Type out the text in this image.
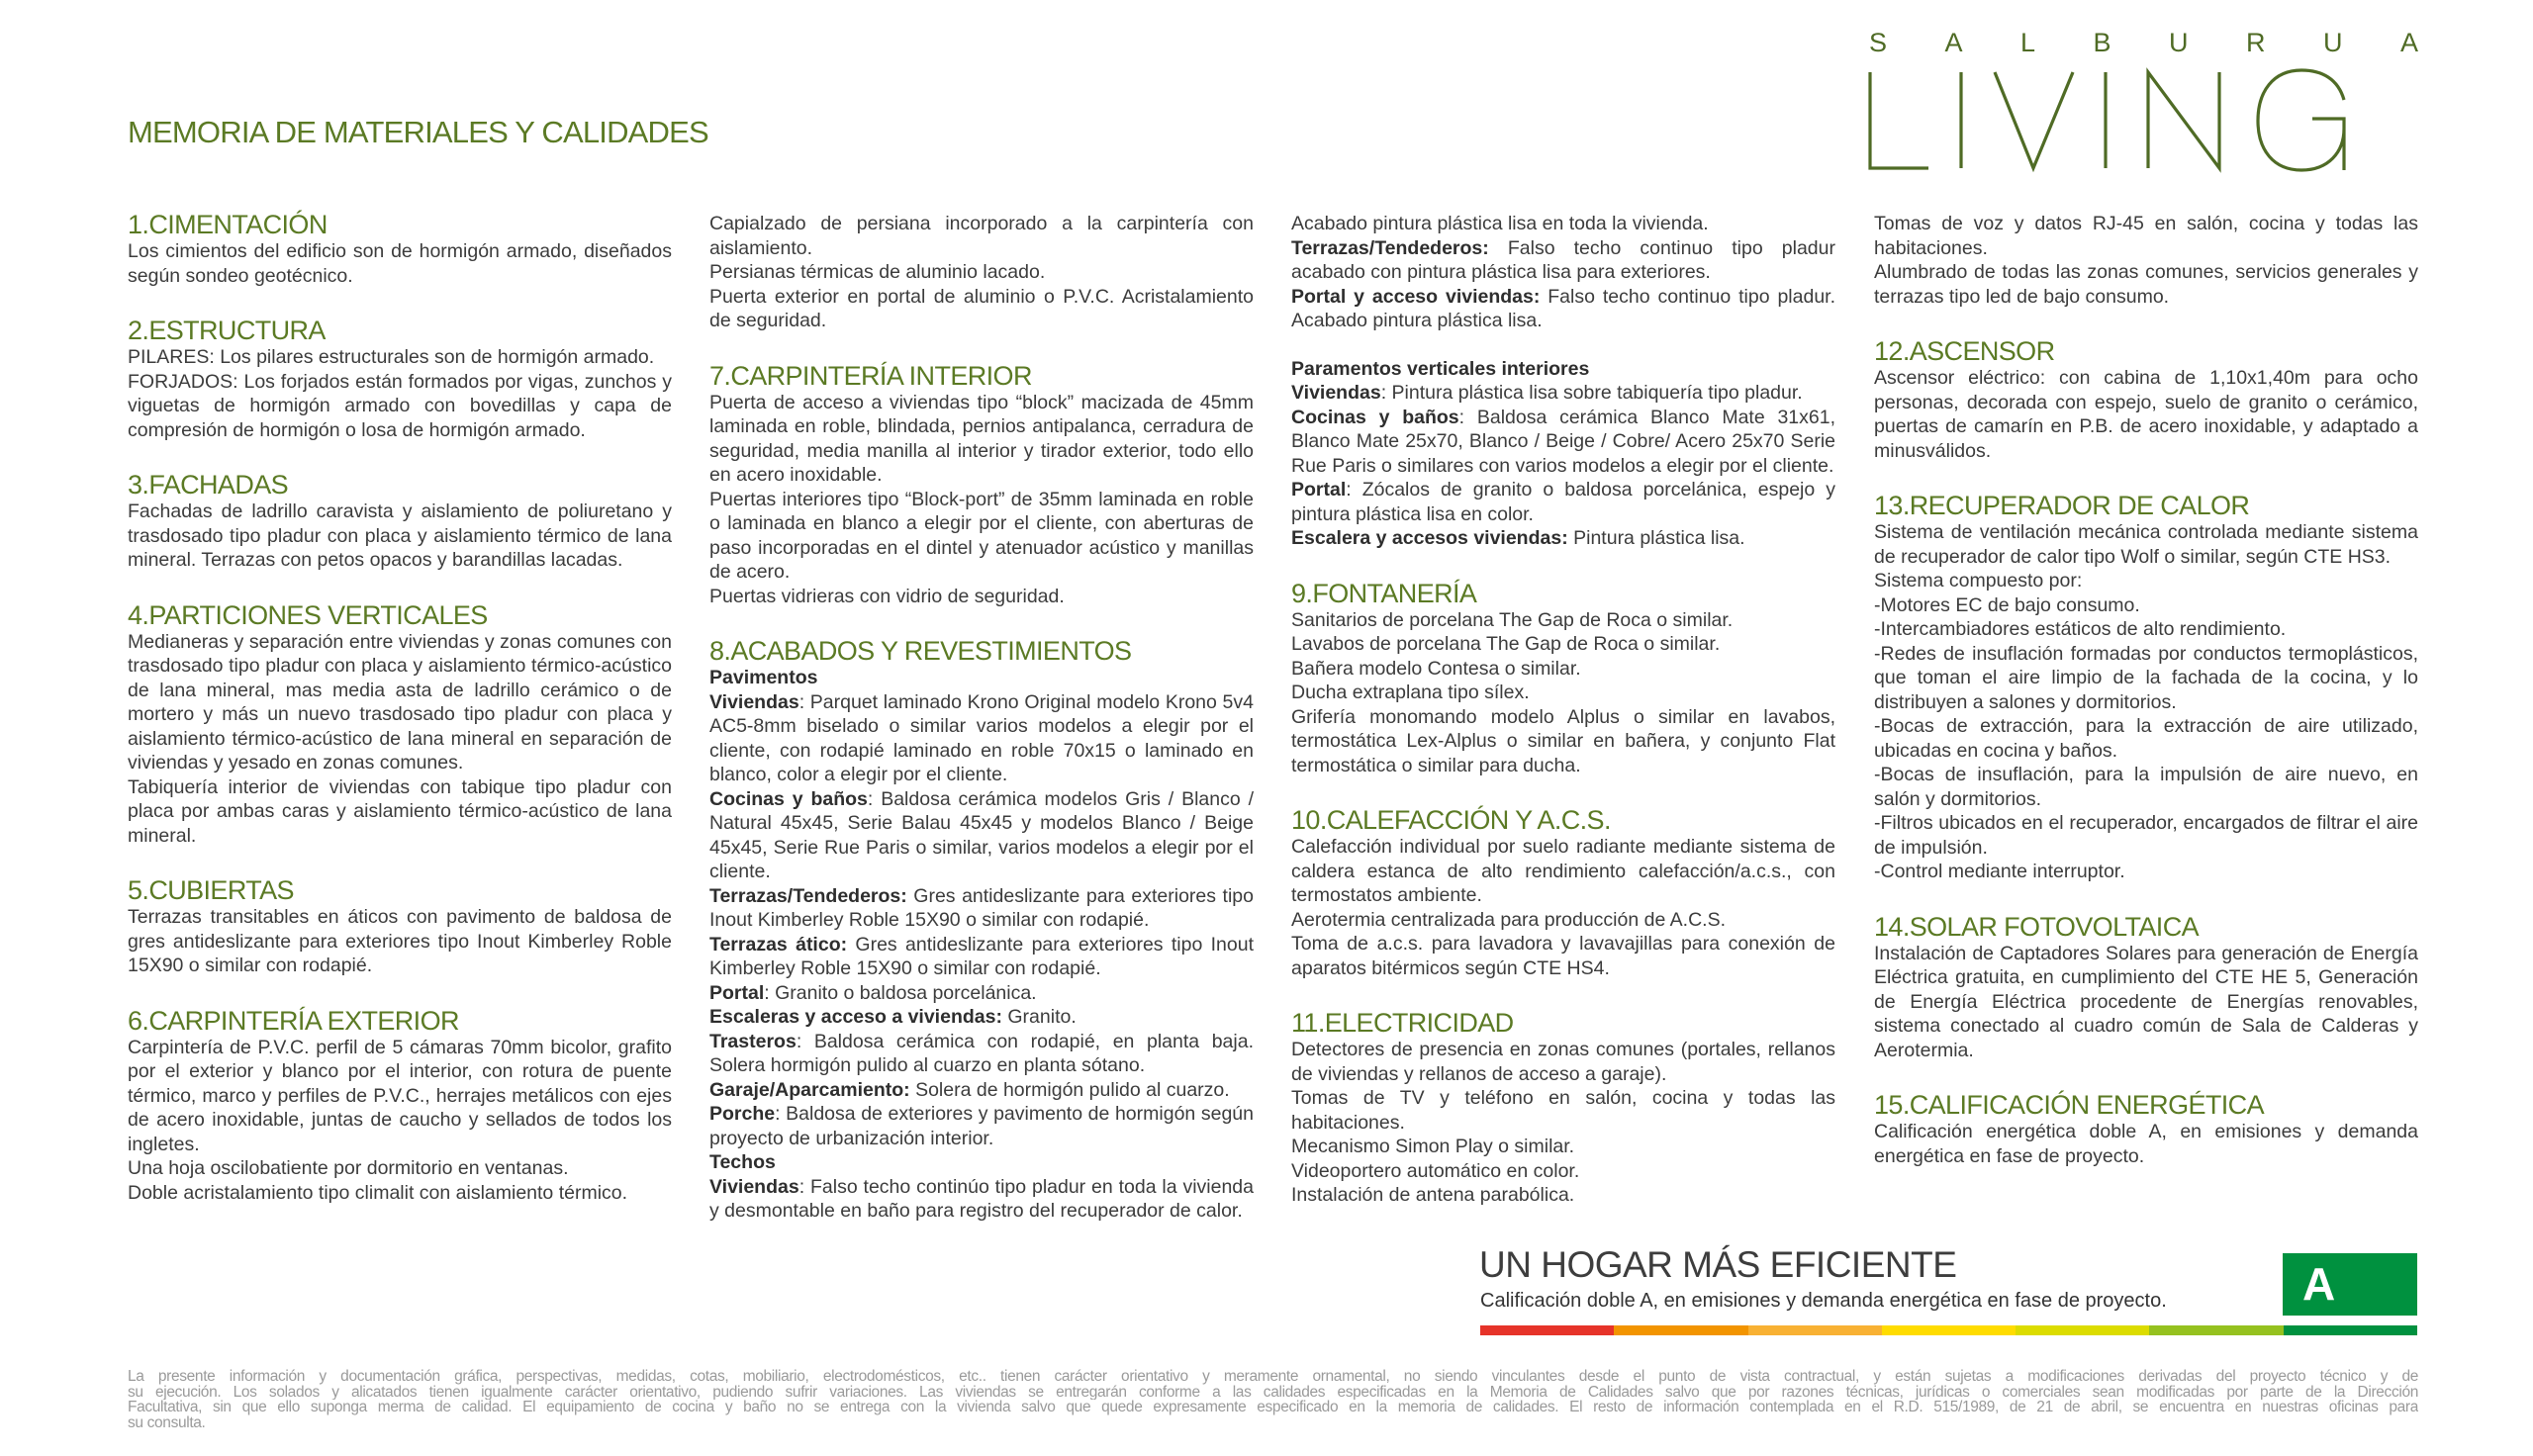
MEMORIA DE MATERIALES Y CALIDADES
S A L B U R U A
1.CIMENTACIÓN
Los cimientos del edificio son de hormigón armado, diseñados según sondeo geotécnico.
2.ESTRUCTURA
PILARES: Los pilares estructurales son de hormigón armado.
FORJADOS: Los forjados están formados por vigas, zunchos y viguetas de hormigón armado con bovedillas y capa de compresión de hormigón o losa de hormigón armado.
3.FACHADAS
Fachadas de ladrillo caravista y aislamiento de poliuretano y trasdosado tipo pladur con placa y aislamiento térmico de lana mineral. Terrazas con petos opacos y barandillas lacadas.
4.PARTICIONES VERTICALES
Medianeras y separación entre viviendas y zonas comunes con trasdosado tipo pladur con placa y aislamiento térmico-acústico de lana mineral, mas media asta de ladrillo cerámico o de mortero y más un nuevo trasdosado tipo pladur con placa y aislamiento térmico-acústico de lana mineral en separación de viviendas y yesado en zonas comunes.
Tabiquería interior de viviendas con tabique tipo pladur con placa por ambas caras y aislamiento térmico-acústico de lana mineral.
5.CUBIERTAS
Terrazas transitables en áticos con pavimento de baldosa de gres antideslizante para exteriores tipo Inout Kimberley Roble 15X90 o similar con rodapié.
6.CARPINTERÍA EXTERIOR
Carpintería de P.V.C. perfil de 5 cámaras 70mm bicolor, grafito por el exterior y blanco por el interior, con rotura de puente térmico, marco y perfiles de P.V.C., herrajes metálicos con ejes de acero inoxidable, juntas de caucho y sellados de todos los ingletes.
Una hoja oscilobatiente por dormitorio en ventanas.
Doble acristalamiento tipo climalit con aislamiento térmico.
Capialzado de persiana incorporado a la carpintería con aislamiento.
Persianas térmicas de aluminio lacado.
Puerta exterior en portal de aluminio o P.V.C. Acristalamiento de seguridad.
7.CARPINTERÍA INTERIOR
Puerta de acceso a viviendas tipo “block” macizada de 45mm laminada en roble, blindada, pernios antipalanca, cerradura de seguridad, media manilla al interior y tirador exterior, todo ello en acero inoxidable.
Puertas interiores tipo “Block-port” de 35mm laminada en roble o laminada en blanco a elegir por el cliente, con aberturas de paso incorporadas en el dintel y atenuador acústico y manillas de acero.
Puertas vidrieras con vidrio de seguridad.
8.ACABADOS Y REVESTIMIENTOS
Pavimentos
Viviendas: Parquet laminado Krono Original modelo Krono 5v4 AC5-8mm biselado o similar varios modelos a elegir por el cliente, con rodapié laminado en roble 70x15 o laminado en blanco, color a elegir por el cliente.
Cocinas y baños: Baldosa cerámica modelos Gris / Blanco / Natural 45x45, Serie Balau 45x45 y modelos Blanco / Beige 45x45, Serie Rue Paris o similar, varios modelos a elegir por el cliente.
Terrazas/Tendederos: Gres antideslizante para exteriores tipo Inout Kimberley Roble 15X90 o similar con rodapié.
Terrazas ático: Gres antideslizante para exteriores tipo Inout Kimberley Roble 15X90 o similar con rodapié.
Portal: Granito o baldosa porcelánica.
Escaleras y acceso a viviendas: Granito.
Trasteros: Baldosa cerámica con rodapié, en planta baja. Solera hormigón pulido al cuarzo en planta sótano.
Garaje/Aparcamiento: Solera de hormigón pulido al cuarzo.
Porche: Baldosa de exteriores y pavimento de hormigón según proyecto de urbanización interior.
Techos
Viviendas: Falso techo continúo tipo pladur en toda la vivienda y desmontable en baño para registro del recuperador de calor.
Acabado pintura plástica lisa en toda la vivienda.
Terrazas/Tendederos: Falso techo continuo tipo pladur acabado con pintura plástica lisa para exteriores.
Portal y acceso viviendas: Falso techo continuo tipo pladur. Acabado pintura plástica lisa.
Paramentos verticales interiores
Viviendas: Pintura plástica lisa sobre tabiquería tipo pladur.
Cocinas y baños: Baldosa cerámica Blanco Mate 31x61, Blanco Mate 25x70, Blanco / Beige / Cobre/ Acero 25x70 Serie Rue Paris o similares con varios modelos a elegir por el cliente.
Portal: Zócalos de granito o baldosa porcelánica, espejo y pintura plástica lisa en color.
Escalera y accesos viviendas: Pintura plástica lisa.
9.FONTANERÍA
Sanitarios de porcelana The Gap de Roca o similar.
Lavabos de porcelana The Gap de Roca o similar.
Bañera modelo Contesa o similar.
Ducha extraplana tipo sílex.
Grifería monomando modelo Alplus o similar en lavabos, termostática Lex-Alplus o similar en bañera, y conjunto Flat termostática o similar para ducha.
10.CALEFACCIÓN Y A.C.S.
Calefacción individual por suelo radiante mediante sistema de caldera estanca de alto rendimiento calefacción/a.c.s., con termostatos ambiente.
Aerotermia centralizada para producción de A.C.S.
Toma de a.c.s. para lavadora y lavavajillas para conexión de aparatos bitérmicos según CTE HS4.
11.ELECTRICIDAD
Detectores de presencia en zonas comunes (portales, rellanos de viviendas y rellanos de acceso a garaje).
Tomas de TV y teléfono en salón, cocina y todas las habitaciones.
Mecanismo Simon Play o similar.
Videoportero automático en color.
Instalación de antena parabólica.
Tomas de voz y datos RJ-45 en salón, cocina y todas las habitaciones.
Alumbrado de todas las zonas comunes, servicios generales y terrazas tipo led de bajo consumo.
12.ASCENSOR
Ascensor eléctrico: con cabina de 1,10x1,40m para ocho personas, decorada con espejo, suelo de granito o cerámico, puertas de camarín en P.B. de acero inoxidable, y adaptado a minusválidos.
13.RECUPERADOR DE CALOR
Sistema de ventilación mecánica controlada mediante sistema de recuperador de calor tipo Wolf o similar, según CTE HS3.
Sistema compuesto por:
-Motores EC de bajo consumo.
-Intercambiadores estáticos de alto rendimiento.
-Redes de insuflación formadas por conductos termoplásticos, que toman el aire limpio de la fachada de la cocina, y lo distribuyen a salones y dormitorios.
-Bocas de extracción, para la extracción de aire utilizado, ubicadas en cocina y baños.
-Bocas de insuflación, para la impulsión de aire nuevo, en salón y dormitorios.
-Filtros ubicados en el recuperador, encargados de filtrar el aire de impulsión.
-Control mediante interruptor.
14.SOLAR FOTOVOLTAICA
Instalación de Captadores Solares para generación de Energía Eléctrica gratuita, en cumplimiento del CTE HE 5, Generación de Energía Eléctrica procedente de Energías renovables, sistema conectado al cuadro común de Sala de Calderas y Aerotermia.
15.CALIFICACIÓN ENERGÉTICA
Calificación energética doble A, en emisiones y demanda energética en fase de proyecto.
UN HOGAR MÁS EFICIENTE
Calificación doble A, en emisiones y demanda energética en fase de proyecto.	A
La presente información y documentación gráfica, perspectivas, medidas, cotas, mobiliario, electrodomésticos, etc.. tienen carácter orientativo y meramente ornamental, no siendo vinculantes desde el punto de vista contractual, y están sujetas a modificaciones derivadas del proyecto técnico y de
su ejecución. Los solados y alicatados tienen igualmente carácter orientativo, pudiendo sufrir variaciones. Las viviendas se entregarán conforme a las calidades especificadas en la Memoria de Calidades salvo que por razones técnicas, jurídicas o comerciales sean modificadas por parte de la Dirección
Facultativa, sin que ello suponga merma de calidad. El equipamiento de cocina y baño no se entrega con la vivienda salvo que quede expresamente especificado en la memoria de calidades. El resto de información contemplada en el R.D. 515/1989, de 21 de abril, se encuentra en nuestras oficinas para
su consulta.
